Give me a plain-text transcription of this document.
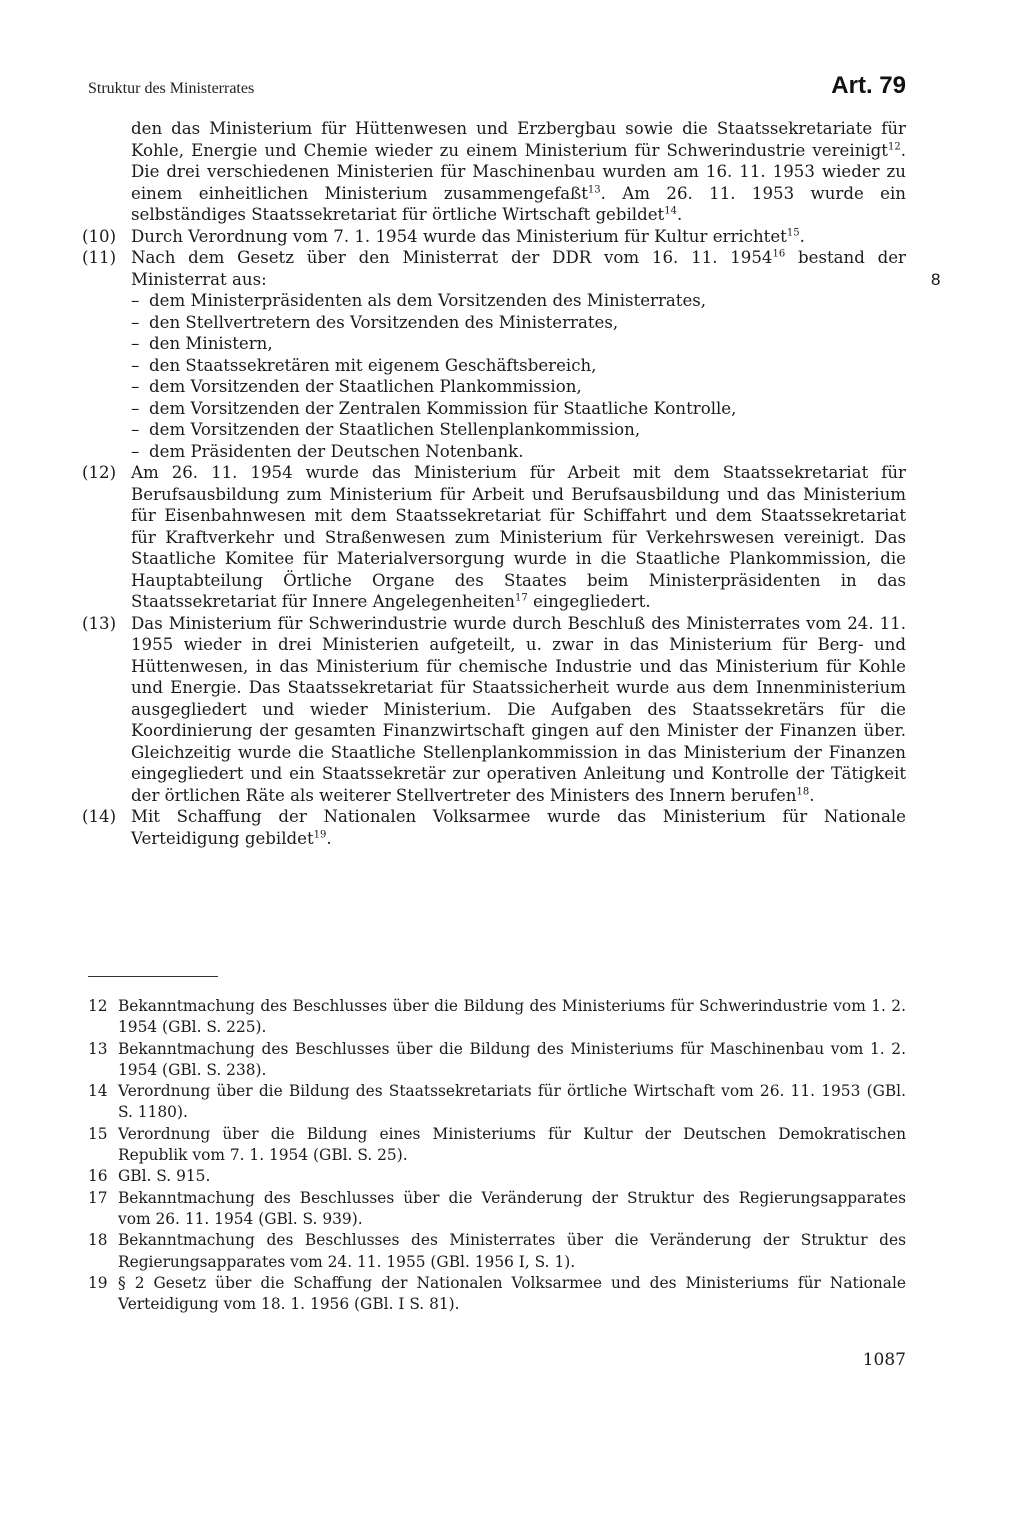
Struktur des Ministerrates	Art. 79
8
den das Ministerium für Hüttenwesen und Erzbergbau sowie die Staatssekretariate für Kohle, Energie und Chemie wieder zu einem Ministerium für Schwerindustrie vereinigt$^{12}$. Die drei verschiedenen Ministerien für Maschinenbau wurden am 16. 11. 1953 wieder zu einem einheitlichen Ministerium zusammengefaßt$^{13}$. Am 26. 11. 1953 wurde ein selbständiges Staatssekretariat für örtliche Wirtschaft gebildet$^{14}$.
(10) Durch Verordnung vom 7. 1. 1954 wurde das Ministerium für Kultur errichtet$^{15}$.
(11) Nach dem Gesetz über den Ministerrat der DDR vom 16. 11. 1954$^{16}$ bestand der Ministerrat aus:
– dem Ministerpräsidenten als dem Vorsitzenden des Ministerrates,
– den Stellvertretern des Vorsitzenden des Ministerrates,
– den Ministern,
– den Staatssekretären mit eigenem Geschäftsbereich,
– dem Vorsitzenden der Staatlichen Plankommission,
– dem Vorsitzenden der Zentralen Kommission für Staatliche Kontrolle,
– dem Vorsitzenden der Staatlichen Stellenplankommission,
– dem Präsidenten der Deutschen Notenbank.
(12) Am 26. 11. 1954 wurde das Ministerium für Arbeit mit dem Staatssekretariat für Berufsausbildung zum Ministerium für Arbeit und Berufsausbildung und das Ministerium für Eisenbahnwesen mit dem Staatssekretariat für Schiffahrt und dem Staatssekretariat für Kraftverkehr und Straßenwesen zum Ministerium für Verkehrswesen vereinigt. Das Staatliche Komitee für Materialversorgung wurde in die Staatliche Plankommission, die Hauptabteilung Örtliche Organe des Staates beim Ministerpräsidenten in das Staatssekretariat für Innere Angelegenheiten$^{17}$ eingegliedert.
(13) Das Ministerium für Schwerindustrie wurde durch Beschluß des Ministerrates vom 24. 11. 1955 wieder in drei Ministerien aufgeteilt, u. zwar in das Ministerium für Berg- und Hüttenwesen, in das Ministerium für chemische Industrie und das Ministerium für Kohle und Energie. Das Staatssekretariat für Staatssicherheit wurde aus dem Innenministerium ausgegliedert und wieder Ministerium. Die Aufgaben des Staatssekretärs für die Koordinierung der gesamten Finanzwirtschaft gingen auf den Minister der Finanzen über. Gleichzeitig wurde die Staatliche Stellenplankommission in das Ministerium der Finanzen eingegliedert und ein Staatssekretär zur operativen Anleitung und Kontrolle der Tätigkeit der örtlichen Räte als weiterer Stellvertreter des Ministers des Innern berufen$^{18}$.
(14) Mit Schaffung der Nationalen Volksarmee wurde das Ministerium für Nationale Verteidigung gebildet$^{19}$.
12 Bekanntmachung des Beschlusses über die Bildung des Ministeriums für Schwerindustrie vom 1. 2. 1954 (GBl. S. 225).
13 Bekanntmachung des Beschlusses über die Bildung des Ministeriums für Maschinenbau vom 1. 2. 1954 (GBl. S. 238).
14 Verordnung über die Bildung des Staatssekretariats für örtliche Wirtschaft vom 26. 11. 1953 (GBl. S. 1180).
15 Verordnung über die Bildung eines Ministeriums für Kultur der Deutschen Demokratischen Republik vom 7. 1. 1954 (GBl. S. 25).
16 GBl. S. 915.
17 Bekanntmachung des Beschlusses über die Veränderung der Struktur des Regierungsapparates vom 26. 11. 1954 (GBl. S. 939).
18 Bekanntmachung des Beschlusses des Ministerrates über die Veränderung der Struktur des Regierungsapparates vom 24. 11. 1955 (GBl. 1956 I, S. 1).
19 § 2 Gesetz über die Schaffung der Nationalen Volksarmee und des Ministeriums für Nationale Verteidigung vom 18. 1. 1956 (GBl. I S. 81).
1087
